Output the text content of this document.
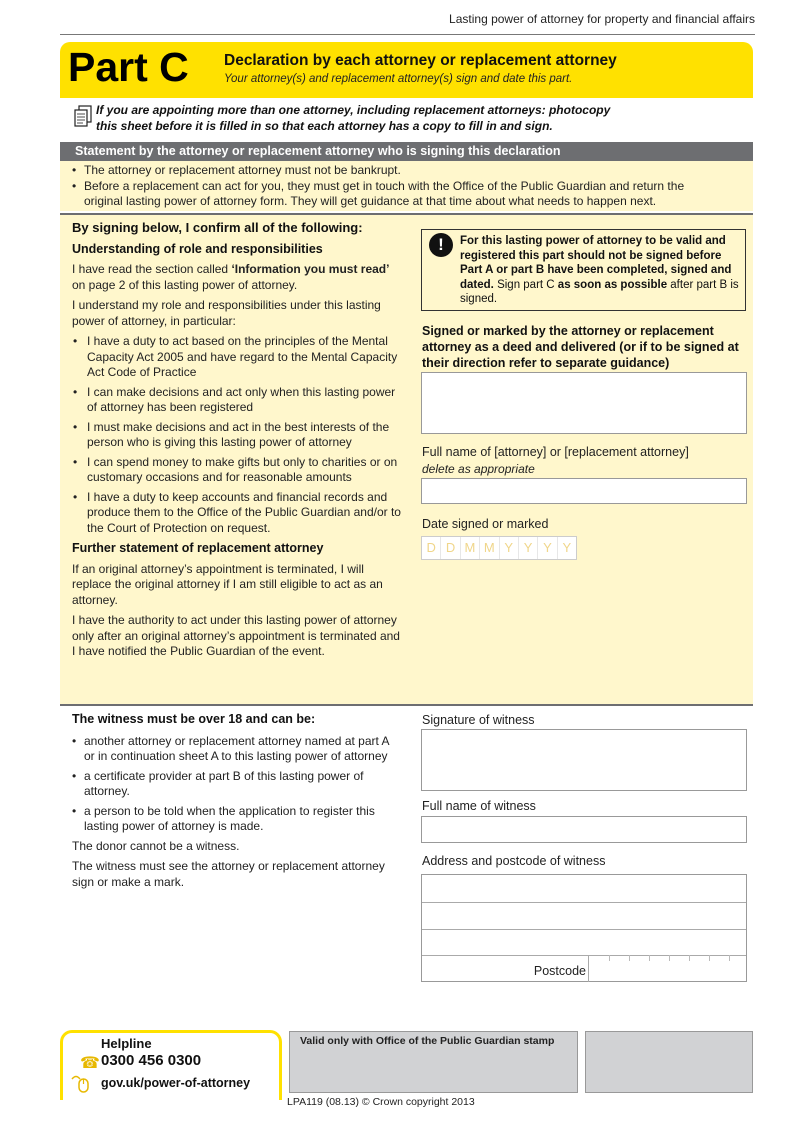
Lasting power of attorney for property and financial affairs
Part C Declaration by each attorney or replacement attorney
Your attorney(s) and replacement attorney(s) sign and date this part.
If you are appointing more than one attorney, including replacement attorneys: photocopy
this sheet before it is filled in so that each attorney has a copy to fill in and sign.
Statement by the attorney or replacement attorney who is signing this declaration
• The attorney or replacement attorney must not be bankrupt.
• Before a replacement can act for you, they must get in touch with the Office of the Public Guardian and return the
original lasting power of attorney form. They will get guidance at that time about what needs to happen next.
By signing below, I confirm all of the following:
Understanding of role and responsibilities

I have read the section called ‘Information you must read’ on page 2 of this lasting power of attorney.

I understand my role and responsibilities under this lasting power of attorney, in particular:

• I have a duty to act based on the principles of the Mental Capacity Act 2005 and have regard to the Mental Capacity Act Code of Practice
• I can make decisions and act only when this lasting power of attorney has been registered
• I must make decisions and act in the best interests of the person who is giving this lasting power of attorney
• I can spend money to make gifts but only to charities or on customary occasions and for reasonable amounts
• I have a duty to keep accounts and financial records and produce them to the Office of the Public Guardian and/or to the Court of Protection on request.
Further statement of replacement attorney

If an original attorney’s appointment is terminated, I will replace the original attorney if I am still eligible to act as an attorney.

I have the authority to act under this lasting power of attorney only after an original attorney’s appointment is terminated and I have notified the Public Guardian of the event.

!	For this lasting power of attorney to be valid and registered this part should not be signed before Part A or part B have been completed, signed and dated. Sign part C as soon as possible after part B is signed.
Signed or marked by the attorney or replacement attorney as a deed and delivered (or if to be signed at their direction refer to separate guidance)
Full name of [attorney] or [replacement attorney]
delete as appropriate
Date signed or marked
D D M M Y Y Y Y
The witness must be over 18 and can be:
• another attorney or replacement attorney named at part A or in continuation sheet A to this lasting power of attorney
• a certificate provider at part B of this lasting power of attorney.
• a person to be told when the application to register this lasting power of attorney is made.

The donor cannot be a witness.

The witness must see the attorney or replacement attorney sign or make a mark.

Signature of witness
Full name of witness
Address and postcode of witness
Postcode
☎
Helpline
0300 456 0300
gov.uk/power-of-attorney
Valid only with Office of the Public Guardian stamp
LPA119 (08.13) © Crown copyright 2013
